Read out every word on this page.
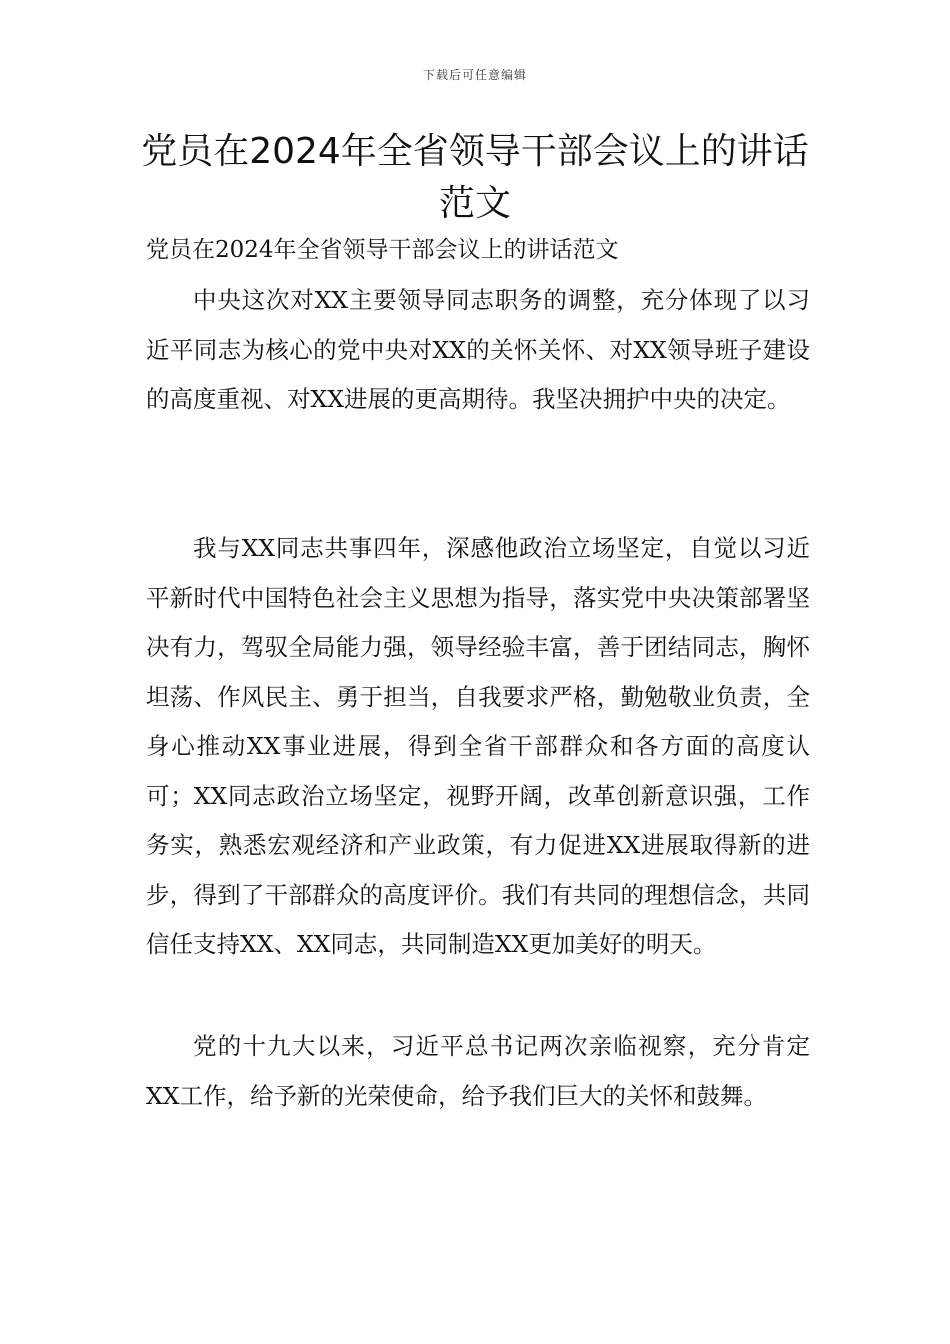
下载后可任意编辑
党员在2024年全省领导干部会议上的讲话范文

党员在2024年全省领导干部会议上的讲话范文

中央这次对XX主要领导同志职务的调整，充分体现了以习近平同志为核心的党中央对XX的关怀关怀、对XX领导班子建设的高度重视、对XX进展的更高期待。我坚决拥护中央的决定。

我与XX同志共事四年，深感他政治立场坚定，自觉以习近平新时代中国特色社会主义思想为指导，落实党中央决策部署坚决有力，驾驭全局能力强，领导经验丰富，善于团结同志，胸怀坦荡、作风民主、勇于担当，自我要求严格，勤勉敬业负责，全身心推动XX事业进展，得到全省干部群众和各方面的高度认可；XX同志政治立场坚定，视野开阔，改革创新意识强，工作务实，熟悉宏观经济和产业政策，有力促进XX进展取得新的进步，得到了干部群众的高度评价。我们有共同的理想信念，共同信任支持XX、XX同志，共同制造XX更加美好的明天。

党的十九大以来，习近平总书记两次亲临视察，充分肯定XX工作，给予新的光荣使命，给予我们巨大的关怀和鼓舞。
